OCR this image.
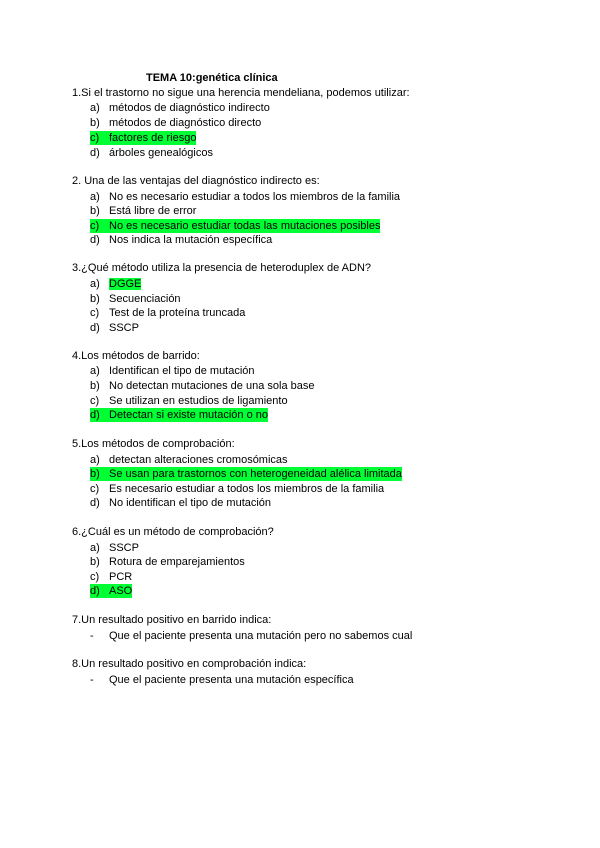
TEMA 10:genética clínica
1.Si el trastorno no sigue una herencia mendeliana, podemos utilizar:
a) métodos de diagnóstico indirecto
b) métodos de diagnóstico directo
c) factores de riesgo
d) árboles genealógicos
2. Una de las ventajas del diagnóstico indirecto es:
a) No es necesario estudiar a todos los miembros de la familia
b) Está libre de error
c) No es necesario estudiar todas las mutaciones posibles
d) Nos indica la mutación específica
3.¿Qué método utiliza la presencia de heteroduplex de ADN?
a) DGGE
b) Secuenciación
c) Test de la proteína truncada
d) SSCP
4.Los métodos de barrido:
a) Identifican el tipo de mutación
b) No detectan mutaciones de una sola base
c) Se utilizan en estudios de ligamiento
d) Detectan si existe mutación o no
5.Los métodos de comprobación:
a) detectan alteraciones cromosómicas
b) Se usan para trastornos con heterogeneidad alélica limitada
c) Es necesario estudiar a todos los miembros de la familia
d) No identifican el tipo de mutación
6.¿Cuál es un método de comprobación?
a) SSCP
b) Rotura de emparejamientos
c) PCR
d) ASO
7.Un resultado positivo en barrido indica:
- Que el paciente presenta una mutación pero no sabemos cual
8.Un resultado positivo en comprobación indica:
- Que el paciente presenta una mutación específica
